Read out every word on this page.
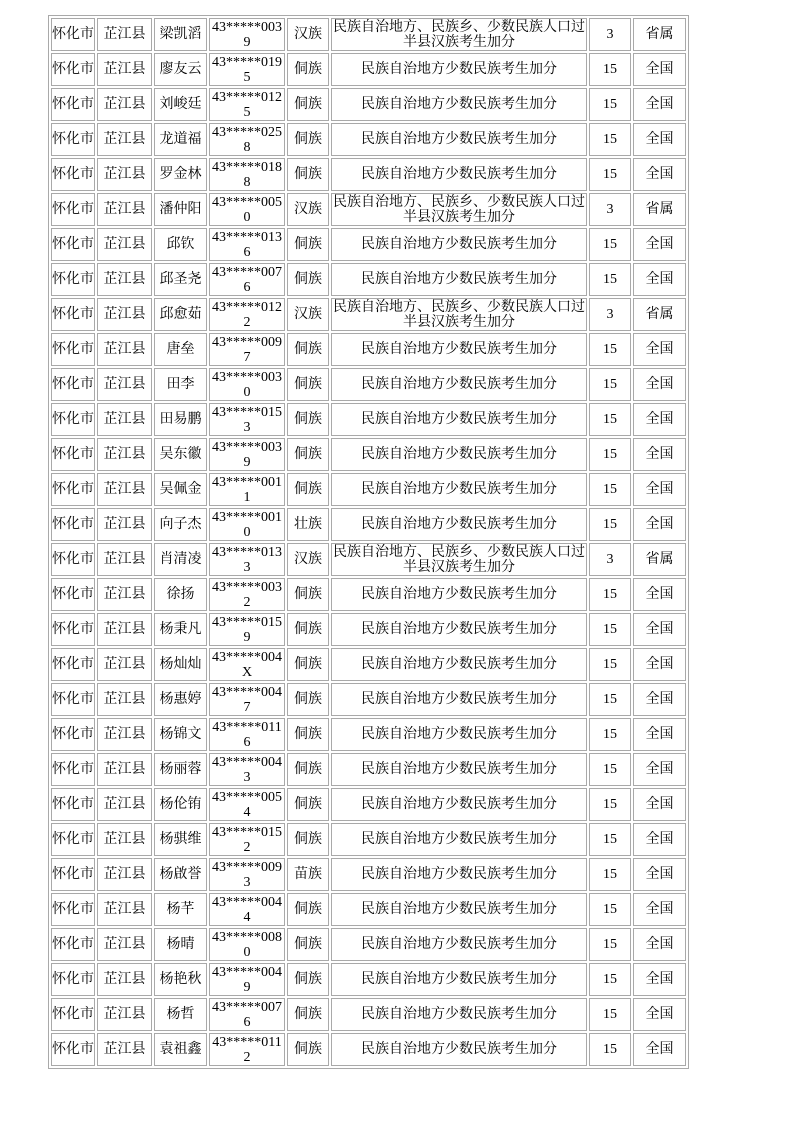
怀化市	芷江县	梁凯滔	43*****0039	汉族	民族自治地方、民族乡、少数民族人口过半县汉族考生加分	3	省属
怀化市	芷江县	廖友云	43*****0195	侗族	民族自治地方少数民族考生加分	15	全国
怀化市	芷江县	刘峻廷	43*****0125	侗族	民族自治地方少数民族考生加分	15	全国
怀化市	芷江县	龙道福	43*****0258	侗族	民族自治地方少数民族考生加分	15	全国
怀化市	芷江县	罗金林	43*****0188	侗族	民族自治地方少数民族考生加分	15	全国
怀化市	芷江县	潘仲阳	43*****0050	汉族	民族自治地方、民族乡、少数民族人口过半县汉族考生加分	3	省属
怀化市	芷江县	邱钦	43*****0136	侗族	民族自治地方少数民族考生加分	15	全国
怀化市	芷江县	邱圣尧	43*****0076	侗族	民族自治地方少数民族考生加分	15	全国
怀化市	芷江县	邱愈茹	43*****0122	汉族	民族自治地方、民族乡、少数民族人口过半县汉族考生加分	3	省属
怀化市	芷江县	唐垒	43*****0097	侗族	民族自治地方少数民族考生加分	15	全国
怀化市	芷江县	田李	43*****0030	侗族	民族自治地方少数民族考生加分	15	全国
怀化市	芷江县	田易鹏	43*****0153	侗族	民族自治地方少数民族考生加分	15	全国
怀化市	芷江县	吴东徽	43*****0039	侗族	民族自治地方少数民族考生加分	15	全国
怀化市	芷江县	吴佩金	43*****0011	侗族	民族自治地方少数民族考生加分	15	全国
怀化市	芷江县	向子杰	43*****0010	壮族	民族自治地方少数民族考生加分	15	全国
怀化市	芷江县	肖清凌	43*****0133	汉族	民族自治地方、民族乡、少数民族人口过半县汉族考生加分	3	省属
怀化市	芷江县	徐扬	43*****0032	侗族	民族自治地方少数民族考生加分	15	全国
怀化市	芷江县	杨秉凡	43*****0159	侗族	民族自治地方少数民族考生加分	15	全国
怀化市	芷江县	杨灿灿	43*****004X	侗族	民族自治地方少数民族考生加分	15	全国
怀化市	芷江县	杨惠婷	43*****0047	侗族	民族自治地方少数民族考生加分	15	全国
怀化市	芷江县	杨锦文	43*****0116	侗族	民族自治地方少数民族考生加分	15	全国
怀化市	芷江县	杨丽蓉	43*****0043	侗族	民族自治地方少数民族考生加分	15	全国
怀化市	芷江县	杨伦铕	43*****0054	侗族	民族自治地方少数民族考生加分	15	全国
怀化市	芷江县	杨骐维	43*****0152	侗族	民族自治地方少数民族考生加分	15	全国
怀化市	芷江县	杨啟誉	43*****0093	苗族	民族自治地方少数民族考生加分	15	全国
怀化市	芷江县	杨芊	43*****0044	侗族	民族自治地方少数民族考生加分	15	全国
怀化市	芷江县	杨晴	43*****0080	侗族	民族自治地方少数民族考生加分	15	全国
怀化市	芷江县	杨艳秋	43*****0049	侗族	民族自治地方少数民族考生加分	15	全国
怀化市	芷江县	杨哲	43*****0076	侗族	民族自治地方少数民族考生加分	15	全国
怀化市	芷江县	袁祖鑫	43*****0112	侗族	民族自治地方少数民族考生加分	15	全国
